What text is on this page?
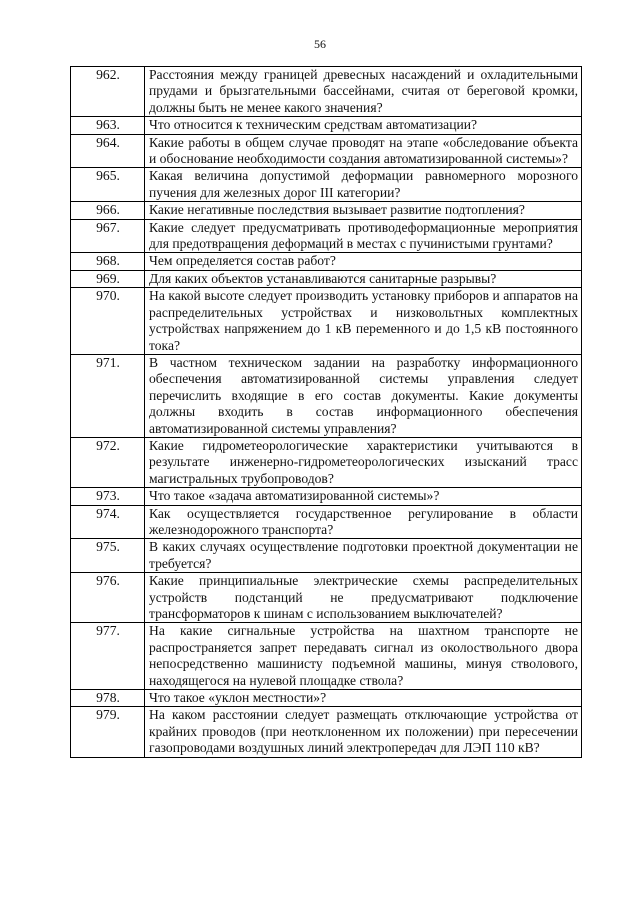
56
962.	Расстояния между границей древесных насаждений и охладительными прудами и брызгательными бассейнами, считая от береговой кромки, должны быть не менее какого значения?
963.	Что относится к техническим средствам автоматизации?
964.	Какие работы в общем случае проводят на этапе «обследование объекта и обоснование необходимости создания автоматизированной системы»?
965.	Какая величина допустимой деформации равномерного морозного пучения для железных дорог III категории?
966.	Какие негативные последствия вызывает развитие подтопления?
967.	Какие следует предусматривать противодеформационные мероприятия для предотвращения деформаций в местах с пучинистыми грунтами?
968.	Чем определяется состав работ?
969.	Для каких объектов устанавливаются санитарные разрывы?
970.	На какой высоте следует производить установку приборов и аппаратов на распределительных устройствах и низковольтных комплектных устройствах напряжением до 1 кВ переменного и до 1,5 кВ постоянного тока?
971.	В частном техническом задании на разработку информационного обеспечения автоматизированной системы управления следует перечислить входящие в его состав документы. Какие документы должны входить в состав информационного обеспечения автоматизированной системы управления?
972.	Какие гидрометеорологические характеристики учитываются в результате инженерно-гидрометеорологических изысканий трасс магистральных трубопроводов?
973.	Что такое «задача автоматизированной системы»?
974.	Как осуществляется государственное регулирование в области железнодорожного транспорта?
975.	В каких случаях осуществление подготовки проектной документации не требуется?
976.	Какие принципиальные электрические схемы распределительных устройств подстанций не предусматривают подключение трансформаторов к шинам с использованием выключателей?
977.	На какие сигнальные устройства на шахтном транспорте не распространяется запрет передавать сигнал из околоствольного двора непосредственно машинисту подъемной машины, минуя стволового, находящегося на нулевой площадке ствола?
978.	Что такое «уклон местности»?
979.	На каком расстоянии следует размещать отключающие устройства от крайних проводов (при неотклоненном их положении) при пересечении газопроводами воздушных линий электропередач для ЛЭП 110 кВ?
